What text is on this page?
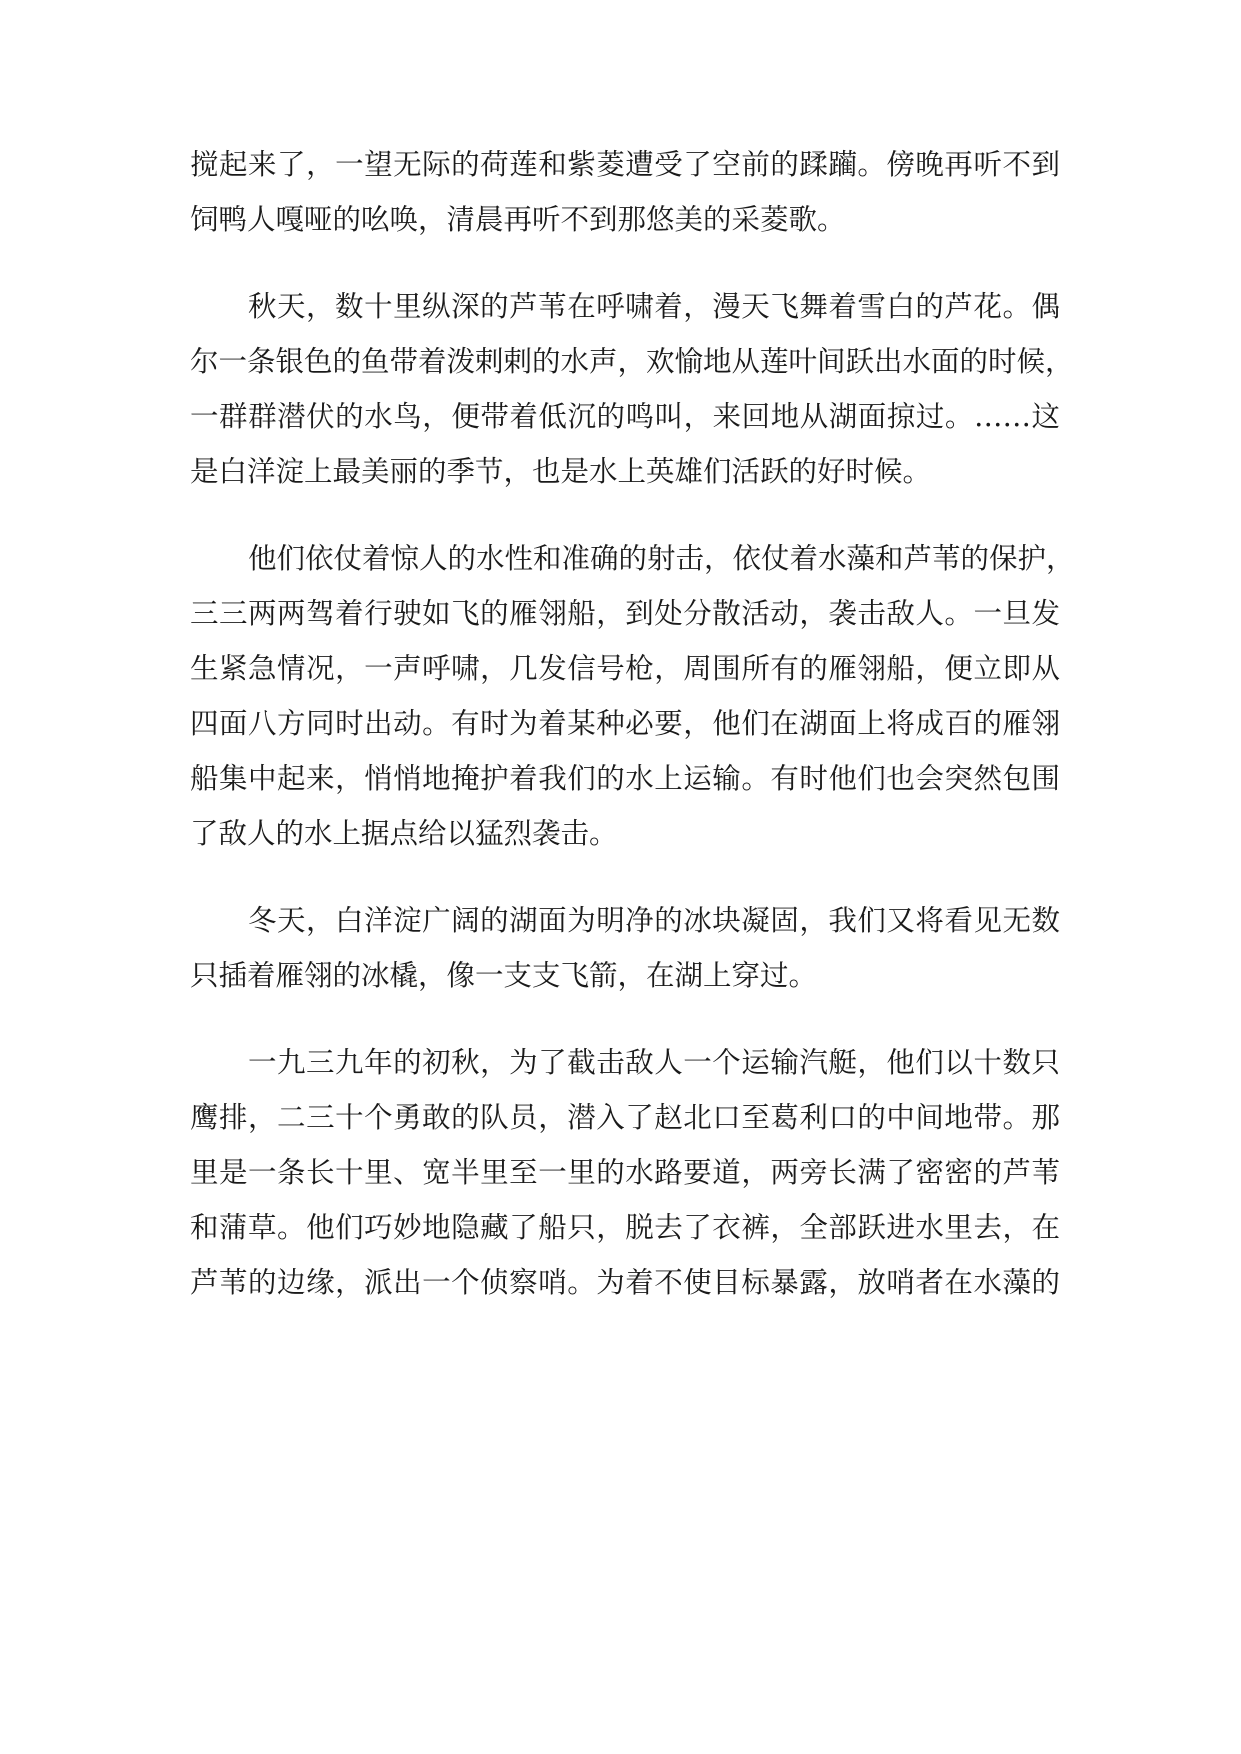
搅起来了，一望无际的荷莲和紫菱遭受了空前的蹂躏。傍晚再听不到
饲鸭人嘎哑的吆唤，清晨再听不到那悠美的采菱歌。
秋天，数十里纵深的芦苇在呼啸着，漫天飞舞着雪白的芦花。偶
尔一条银色的鱼带着泼剌剌的水声，欢愉地从莲叶间跃出水面的时候，
一群群潜伏的水鸟，便带着低沉的鸣叫，来回地从湖面掠过。……这
是白洋淀上最美丽的季节，也是水上英雄们活跃的好时候。
他们依仗着惊人的水性和准确的射击，依仗着水藻和芦苇的保护，
三三两两驾着行驶如飞的雁翎船，到处分散活动，袭击敌人。一旦发
生紧急情况，一声呼啸，几发信号枪，周围所有的雁翎船，便立即从
四面八方同时出动。有时为着某种必要，他们在湖面上将成百的雁翎
船集中起来，悄悄地掩护着我们的水上运输。有时他们也会突然包围
了敌人的水上据点给以猛烈袭击。
冬天，白洋淀广阔的湖面为明净的冰块凝固，我们又将看见无数
只插着雁翎的冰橇，像一支支飞箭，在湖上穿过。
一九三九年的初秋，为了截击敌人一个运输汽艇，他们以十数只
鹰排，二三十个勇敢的队员，潜入了赵北口至葛利口的中间地带。那
里是一条长十里、宽半里至一里的水路要道，两旁长满了密密的芦苇
和蒲草。他们巧妙地隐藏了船只，脱去了衣裤，全部跃进水里去，在
芦苇的边缘，派出一个侦察哨。为着不使目标暴露，放哨者在水藻的
